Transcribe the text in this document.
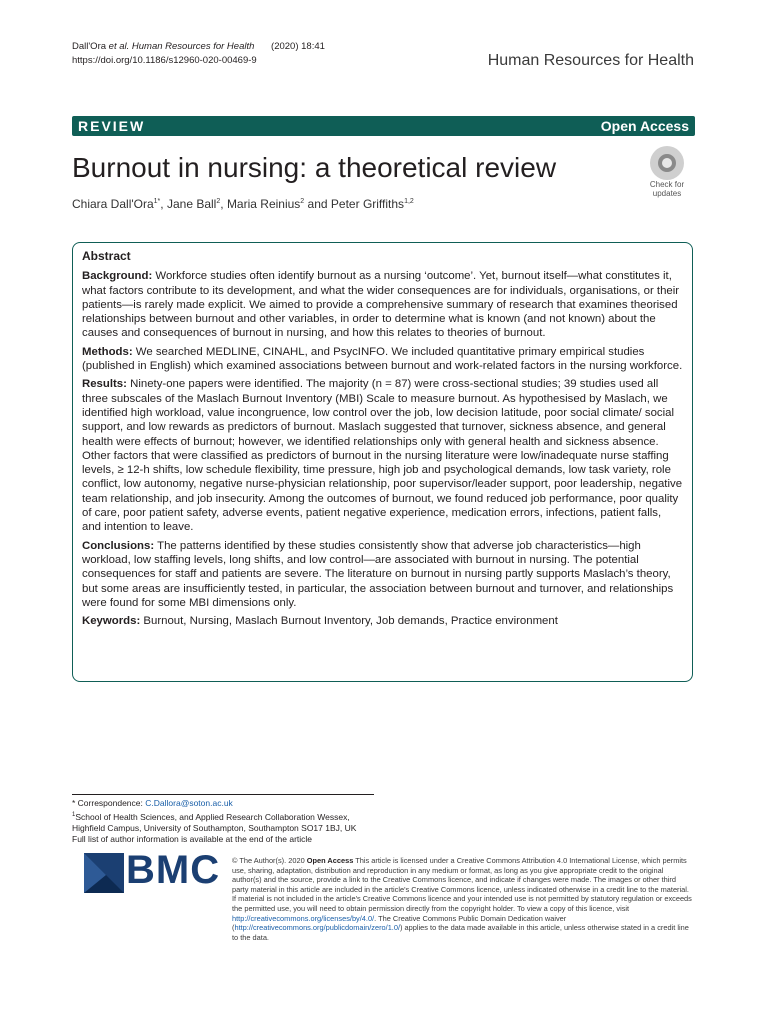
Dall'Ora et al. Human Resources for Health (2020) 18:41
https://doi.org/10.1186/s12960-020-00469-9	Human Resources for Health
REVIEW	Open Access
Burnout in nursing: a theoretical review
Check for
updates
Chiara Dall'Ora$^{1*}$, Jane Ball$^2$, Maria Reinius$^2$ and Peter Griffiths$^{1,2}$
Abstract

Background: Workforce studies often identify burnout as a nursing ‘outcome’. Yet, burnout itself—what constitutes it, what factors contribute to its development, and what the wider consequences are for individuals, organisations, or their patients—is rarely made explicit. We aimed to provide a comprehensive summary of research that examines theorised relationships between burnout and other variables, in order to determine what is known (and not known) about the causes and consequences of burnout in nursing, and how this relates to theories of burnout.

Methods: We searched MEDLINE, CINAHL, and PsycINFO. We included quantitative primary empirical studies (published in English) which examined associations between burnout and work-related factors in the nursing workforce.

Results: Ninety-one papers were identified. The majority (n = 87) were cross-sectional studies; 39 studies used all three subscales of the Maslach Burnout Inventory (MBI) Scale to measure burnout. As hypothesised by Maslach, we identified high workload, value incongruence, low control over the job, low decision latitude, poor social climate/ social support, and low rewards as predictors of burnout. Maslach suggested that turnover, sickness absence, and general health were effects of burnout; however, we identified relationships only with general health and sickness absence. Other factors that were classified as predictors of burnout in the nursing literature were low/inadequate nurse staffing levels, ≥ 12-h shifts, low schedule flexibility, time pressure, high job and psychological demands, low task variety, role conflict, low autonomy, negative nurse-physician relationship, poor supervisor/leader support, poor leadership, negative team relationship, and job insecurity. Among the outcomes of burnout, we found reduced job performance, poor quality of care, poor patient safety, adverse events, patient negative experience, medication errors, infections, patient falls, and intention to leave.

Conclusions: The patterns identified by these studies consistently show that adverse job characteristics—high workload, low staffing levels, long shifts, and low control—are associated with burnout in nursing. The potential consequences for staff and patients are severe. The literature on burnout in nursing partly supports Maslach’s theory, but some areas are insufficiently tested, in particular, the association between burnout and turnover, and relationships were found for some MBI dimensions only.

Keywords: Burnout, Nursing, Maslach Burnout Inventory, Job demands, Practice environment

* Correspondence: C.Dallora@soton.ac.uk
$^1$School of Health Sciences, and Applied Research Collaboration Wessex,
Highfield Campus, University of Southampton, Southampton SO17 1BJ, UK
Full list of author information is available at the end of the article
BMC © The Author(s). 2020 Open Access This article is licensed under a Creative Commons Attribution 4.0 International License, which permits use, sharing, adaptation, distribution and reproduction in any medium or format, as long as you give appropriate credit to the original author(s) and the source, provide a link to the Creative Commons licence, and indicate if changes were made. The images or other third party material in this article are included in the article's Creative Commons licence, unless indicated otherwise in a credit line to the material. If material is not included in the article's Creative Commons licence and your intended use is not permitted by statutory regulation or exceeds the permitted use, you will need to obtain permission directly from the copyright holder. To view a copy of this licence, visit http://creativecommons.org/licenses/by/4.0/. The Creative Commons Public Domain Dedication waiver (http://creativecommons.org/publicdomain/zero/1.0/) applies to the data made available in this article, unless otherwise stated in a credit line to the data.
